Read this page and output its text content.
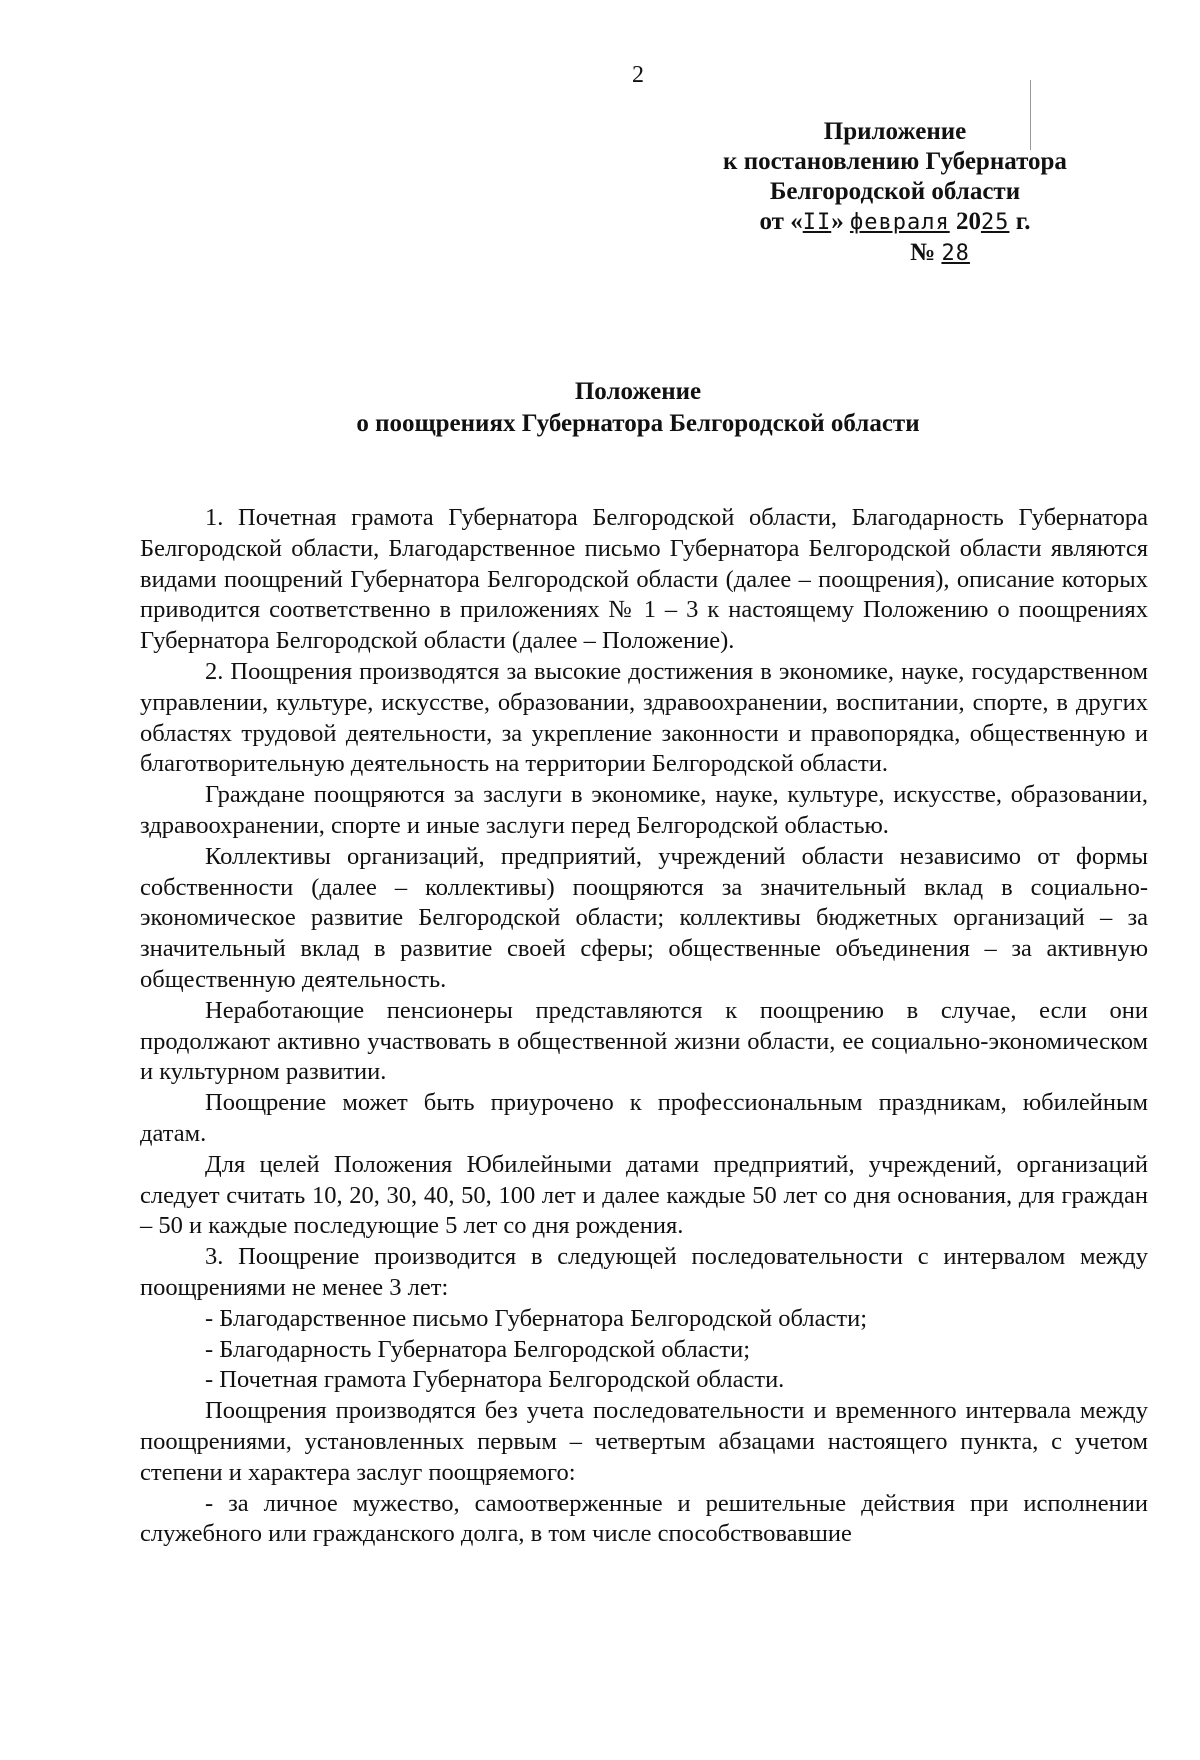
2
Приложение
к постановлению Губернатора
Белгородской области
от «II» февраля 2025 г.
№ 28
Положение
о поощрениях Губернатора Белгородской области

1. Почетная грамота Губернатора Белгородской области, Благодарность Губернатора Белгородской области, Благодарственное письмо Губернатора Белгородской области являются видами поощрений Губернатора Белгородской области (далее – поощрения), описание которых приводится соответственно в приложениях № 1 – 3 к настоящему Положению о поощрениях Губернатора Белгородской области (далее – Положение).

2. Поощрения производятся за высокие достижения в экономике, науке, государственном управлении, культуре, искусстве, образовании, здравоохранении, воспитании, спорте, в других областях трудовой деятельности, за укрепление законности и правопорядка, общественную и благотворительную деятельность на территории Белгородской области.

Граждане поощряются за заслуги в экономике, науке, культуре, искусстве, образовании, здравоохранении, спорте и иные заслуги перед Белгородской областью.

Коллективы организаций, предприятий, учреждений области независимо от формы собственности (далее – коллективы) поощряются за значительный вклад в социально-экономическое развитие Белгородской области; коллективы бюджетных организаций – за значительный вклад в развитие своей сферы; общественные объединения – за активную общественную деятельность.

Неработающие пенсионеры представляются к поощрению в случае, если они продолжают активно участвовать в общественной жизни области, ее социально-экономическом и культурном развитии.

Поощрение может быть приурочено к профессиональным праздникам, юбилейным датам.

Для целей Положения Юбилейными датами предприятий, учреждений, организаций следует считать 10, 20, 30, 40, 50, 100 лет и далее каждые 50 лет со дня основания, для граждан – 50 и каждые последующие 5 лет со дня рождения.

3. Поощрение производится в следующей последовательности с интервалом между поощрениями не менее 3 лет:

- Благодарственное письмо Губернатора Белгородской области;

- Благодарность Губернатора Белгородской области;

- Почетная грамота Губернатора Белгородской области.

Поощрения производятся без учета последовательности и временного интервала между поощрениями, установленных первым – четвертым абзацами настоящего пункта, с учетом степени и характера заслуг поощряемого:

- за личное мужество, самоотверженные и решительные действия при исполнении служебного или гражданского долга, в том числе способствовавшие
